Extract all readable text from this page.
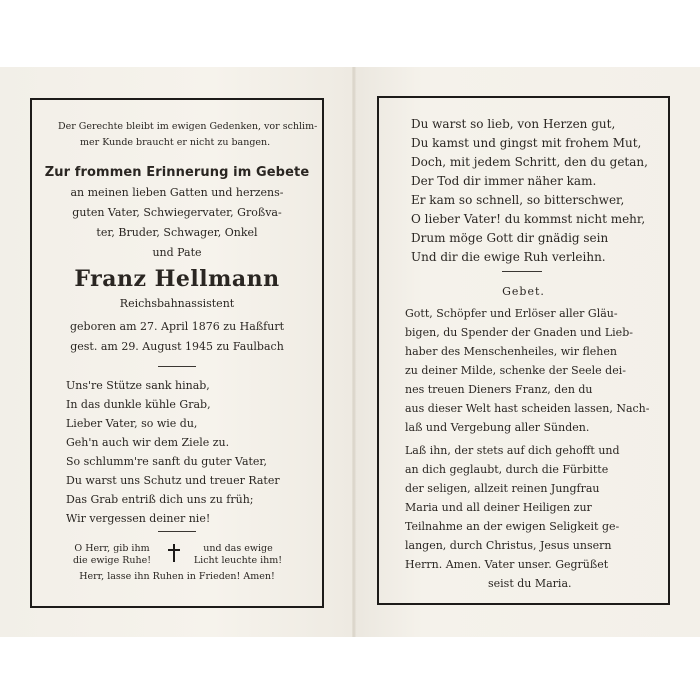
Der Gerechte bleibt im ewigen Gedenken, vor schlim-

mer Kunde braucht er nicht zu bangen.

Zur frommen Erinnerung im Gebete

an meinen lieben Gatten und herzens-

guten Vater, Schwiegervater, Großva-

ter, Bruder, Schwager, Onkel

und Pate

Franz Hellmann

Reichsbahnassistent

geboren am 27. April 1876 zu Haßfurt

gest. am 29. August 1945 zu Faulbach

Uns're Stütze sank hinab,

In das dunkle kühle Grab,

Lieber Vater, so wie du,

Geh'n auch wir dem Ziele zu.

So schlumm're sanft du guter Vater,

Du warst uns Schutz und treuer Rater

Das Grab entriß dich uns zu früh;

Wir vergessen deiner nie!

O Herr, gib ihm

die ewige Ruhe!

und das ewige

Licht leuchte ihm!

Herr, lasse ihn Ruhen in Frieden! Amen!

Du warst so lieb, von Herzen gut,

Du kamst und gingst mit frohem Mut,

Doch, mit jedem Schritt, den du getan,

Der Tod dir immer näher kam.

Er kam so schnell, so bitterschwer,

O lieber Vater! du kommst nicht mehr,

Drum möge Gott dir gnädig sein

Und dir die ewige Ruh verleihn.

Gebet.

Gott, Schöpfer und Erlöser aller Gläu-

bigen, du Spender der Gnaden und Lieb-

haber des Menschenheiles, wir flehen

zu deiner Milde, schenke der Seele dei-

nes treuen Dieners Franz, den du

aus dieser Welt hast scheiden lassen, Nach-

laß und Vergebung aller Sünden.

Laß ihn, der stets auf dich gehofft und

an dich geglaubt, durch die Fürbitte

der seligen, allzeit reinen Jungfrau

Maria und all deiner Heiligen zur

Teilnahme an der ewigen Seligkeit ge-

langen, durch Christus, Jesus unsern

Herrn. Amen. Vater unser. Gegrüßet

seist du Maria.
